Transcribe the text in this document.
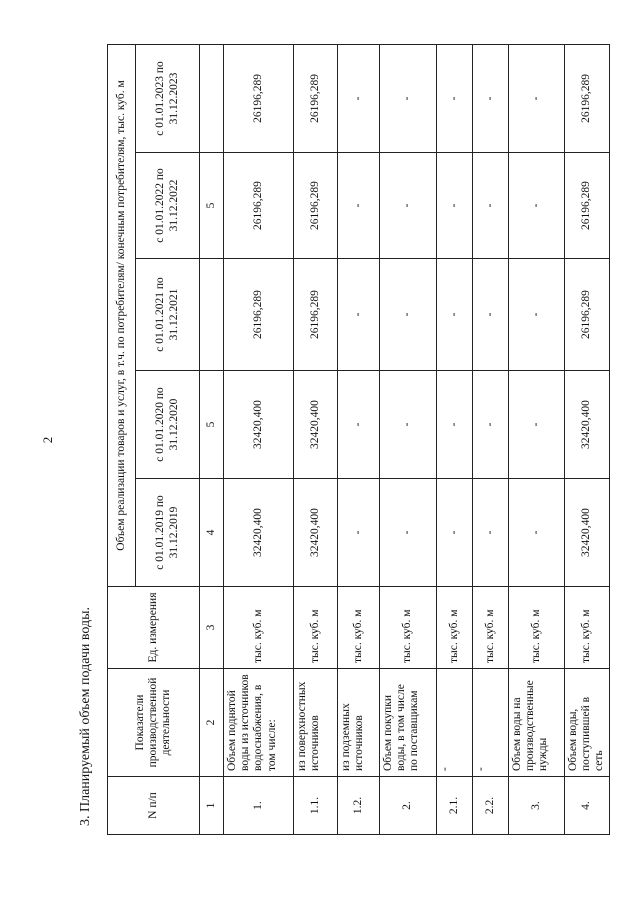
2
3. Планируемый объем подачи воды.	N п/п	Показатели производственной деятельности	Ед. измерения	Объем реализации товаров и услуг, в т.ч. по потребителям/ конечным потребителям, тыс. куб. м				
			с 01.01.2019 по 31.12.2019	с 01.01.2020 по 31.12.2020	с 01.01.2021 по 31.12.2021	с 01.01.2022 по 31.12.2022	с 01.01.2023 по 31.12.2023
1	2	3	4	5		5	
1.	Объем поднятой воды из источников водоснабжения, в том числе:	тыс. куб. м	32420,400	32420,400	26196,289	26196,289	26196,289
1.1.	из поверхностных источников	тыс. куб. м	32420,400	32420,400	26196,289	26196,289	26196,289
1.2.	из подземных источников	тыс. куб. м	-	-	-	-	-
2.	Объем покупки воды, в том числе по поставщикам	тыс. куб. м	-	-	-	-	-
2.1.	-	тыс. куб. м	-	-	-	-	-
2.2.	-	тыс. куб. м	-	-	-	-	-
3.	Объем воды на производственные нужды	тыс. куб. м	-	-	-	-	-
4.	Объем воды, поступившей в сеть	тыс. куб. м	32420,400	32420,400	26196,289	26196,289	26196,289
